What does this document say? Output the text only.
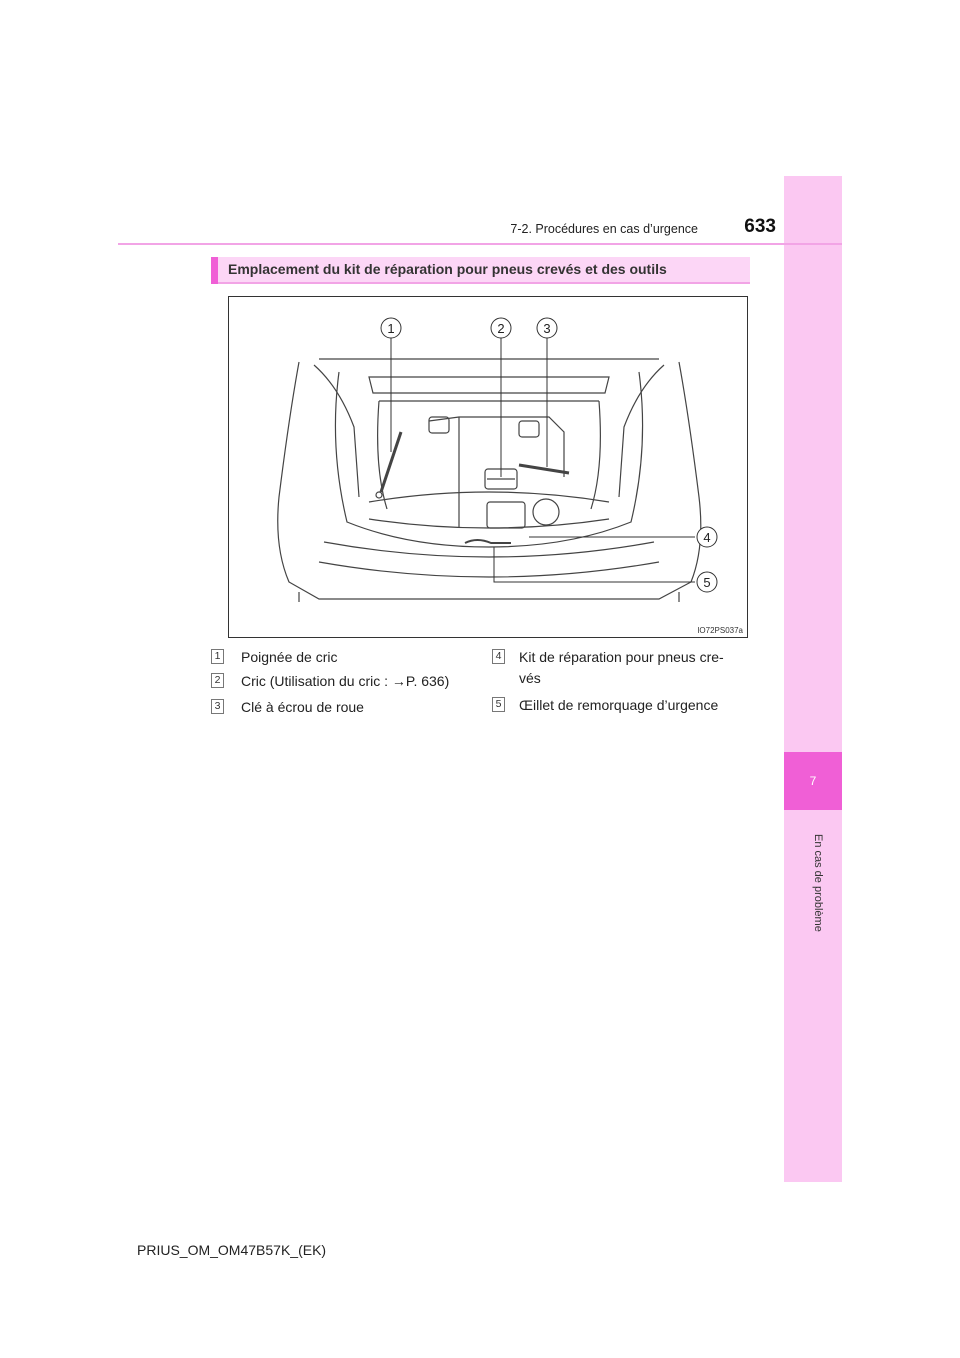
7
En cas de problème
7-2. Procédures en cas d’urgence	633
Emplacement du kit de réparation pour pneus crevés et des outils
1	2	3
4
5
IO72PS037a
1 Poignée de cric
2 Cric (Utilisation du cric : →P. 636)
3 Clé à écrou de roue
4 Kit de réparation pour pneus cre-
vés
5 Œillet de remorquage d’urgence
PRIUS_OM_OM47B57K_(EK)
